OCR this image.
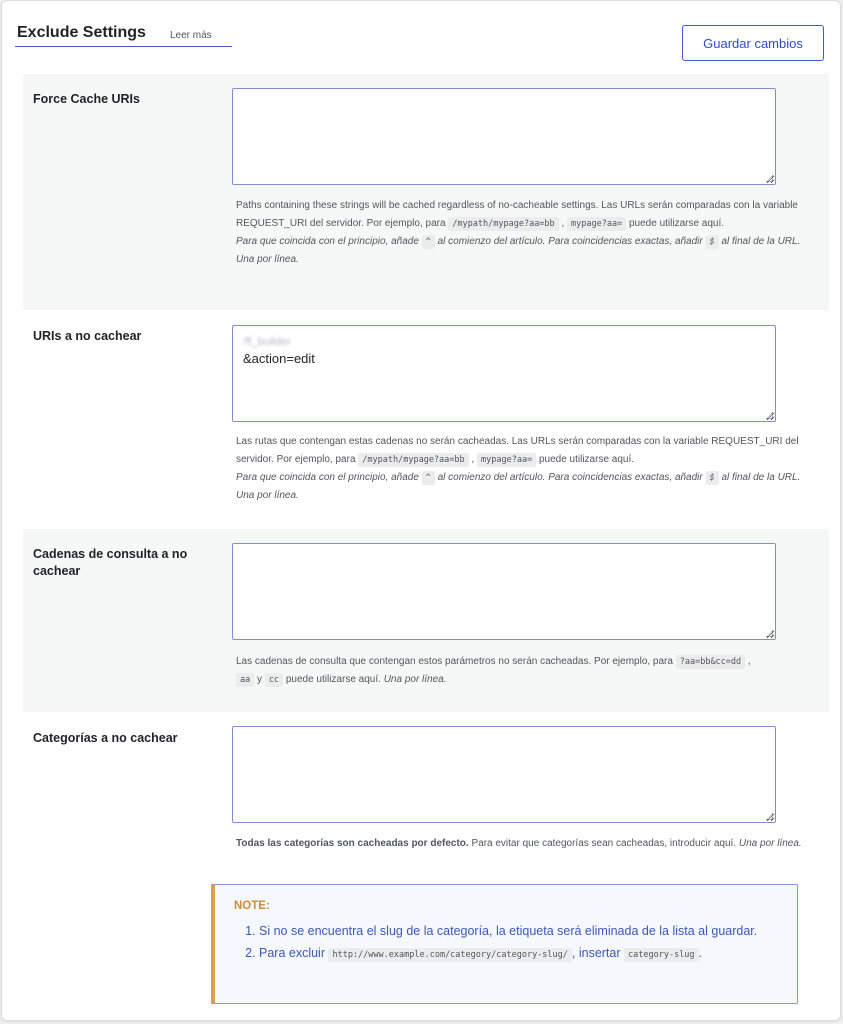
Exclude Settings Leer más	Guardar cambios
Force Cache URIs
Paths containing these strings will be cached regardless of no-cacheable settings. Las URLs serán comparadas con la variable REQUEST_URI del servidor. Por ejemplo, para /mypath/mypage?aa=bb , mypage?aa= puede utilizarse aquí.
Para que coincida con el principio, añade ^ al comienzo del artículo. Para coincidencias exactas, añadir $ al final de la URL. Una por línea.
URIs a no cachear	/fl_builder
&action=edit
Las rutas que contengan estas cadenas no serán cacheadas. Las URLs serán comparadas con la variable REQUEST_URI del servidor. Por ejemplo, para /mypath/mypage?aa=bb , mypage?aa= puede utilizarse aquí.
Para que coincida con el principio, añade ^ al comienzo del artículo. Para coincidencias exactas, añadir $ al final de la URL. Una por línea.
Cadenas de consulta a no cachear
Las cadenas de consulta que contengan estos parámetros no serán cacheadas. Por ejemplo, para ?aa=bb&cc=dd ,
aa y cc puede utilizarse aquí. Una por línea.
Categorías a no cachear
Todas las categorías son cacheadas por defecto. Para evitar que categorías sean cacheadas, introducir aquí. Una por línea.
NOTE:
1. Si no se encuentra el slug de la categoría, la etiqueta será eliminada de la lista al guardar.
2. Para excluir http://www.example.com/category/category-slug/ , insertar category-slug .
